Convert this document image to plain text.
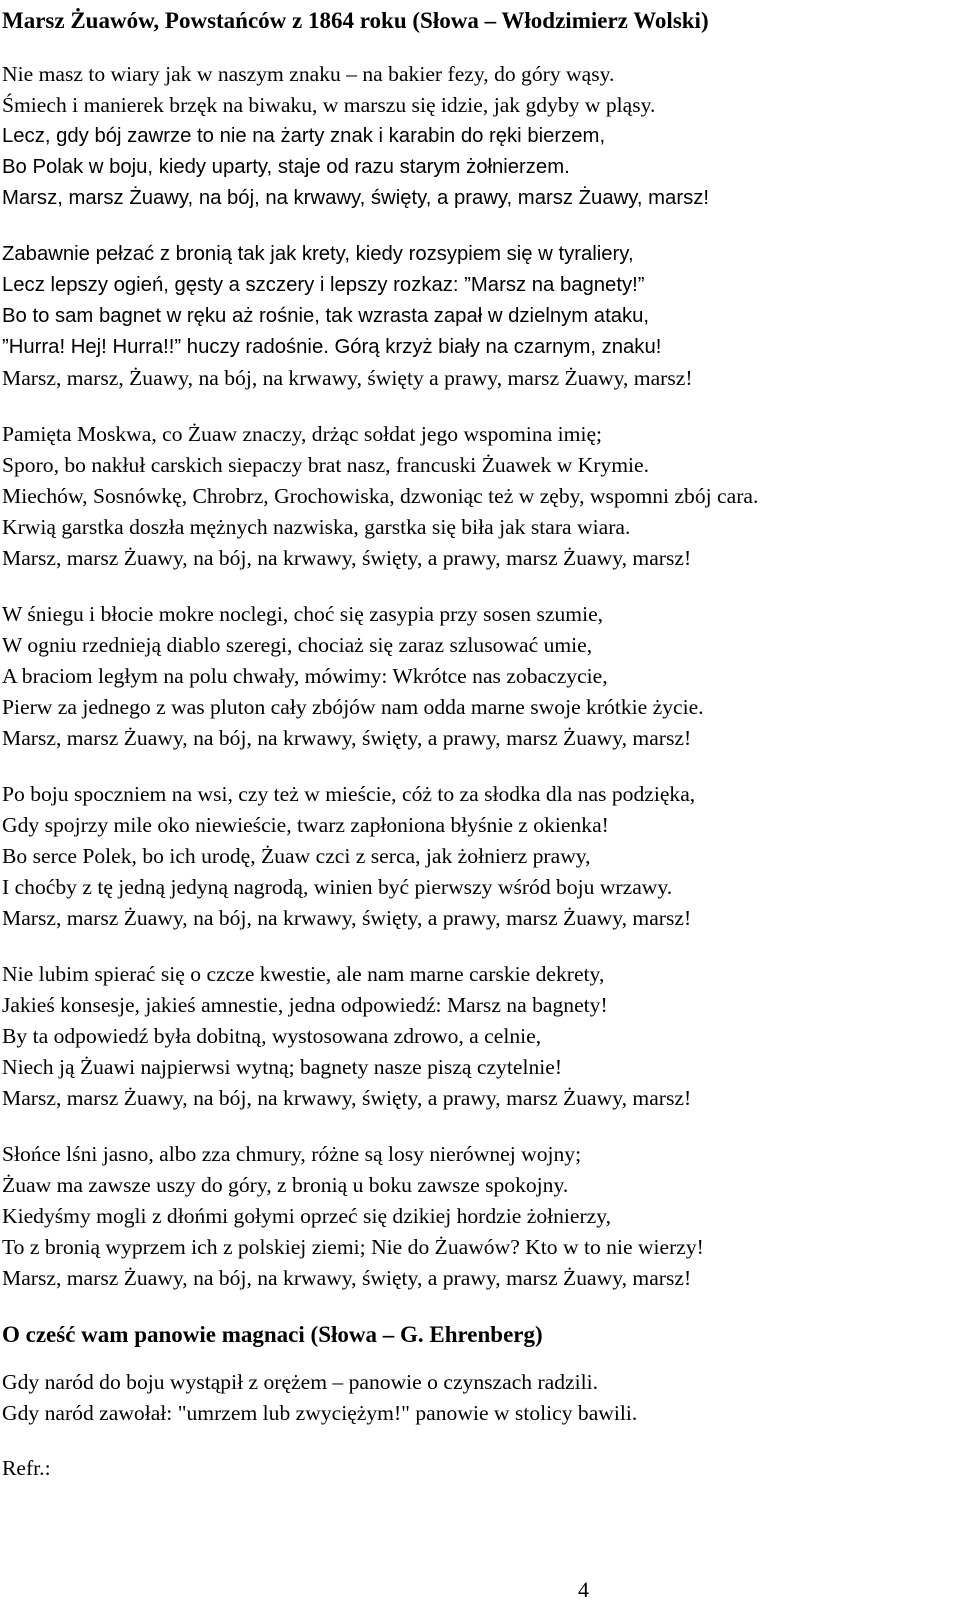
Marsz Żuawów, Powstańców z 1864 roku (Słowa – Włodzimierz Wolski)

Nie masz to wiary jak w naszym znaku – na bakier fezy, do góry wąsy.

Śmiech i manierek brzęk na biwaku, w marszu się idzie, jak gdyby w pląsy.

Lecz, gdy bój zawrze to nie na żarty znak i karabin do ręki bierzem,

Bo Polak w boju, kiedy uparty, staje od razu starym żołnierzem.

Marsz, marsz Żuawy, na bój, na krwawy, święty, a prawy, marsz Żuawy, marsz!

Zabawnie pełzać z bronią tak jak krety, kiedy rozsypiem się w tyraliery,

Lecz lepszy ogień, gęsty a szczery i lepszy rozkaz: ”Marsz na bagnety!”

Bo to sam bagnet w ręku aż rośnie, tak wzrasta zapał w dzielnym ataku,

”Hurra! Hej! Hurra!!” huczy radośnie. Górą krzyż biały na czarnym, znaku!

Marsz, marsz, Żuawy, na bój, na krwawy, święty a prawy, marsz Żuawy, marsz!

Pamięta Moskwa, co Żuaw znaczy, drżąc sołdat jego wspomina imię;

Sporo, bo nakłuł carskich siepaczy brat nasz, francuski Żuawek w Krymie.

Miechów, Sosnówkę, Chrobrz, Grochowiska, dzwoniąc też w zęby, wspomni zbój cara.

Krwią garstka doszła mężnych nazwiska, garstka się biła jak stara wiara.

Marsz, marsz Żuawy, na bój, na krwawy, święty, a prawy, marsz Żuawy, marsz!

W śniegu i błocie mokre noclegi, choć się zasypia przy sosen szumie,

W ogniu rzednieją diablo szeregi, chociaż się zaraz szlusować umie,

A braciom ległym na polu chwały, mówimy: Wkrótce nas zobaczycie,

Pierw za jednego z was pluton cały zbójów nam odda marne swoje krótkie życie.

Marsz, marsz Żuawy, na bój, na krwawy, święty, a prawy, marsz Żuawy, marsz!

Po boju spoczniem na wsi, czy też w mieście, cóż to za słodka dla nas podzięka,

Gdy spojrzy mile oko niewieście, twarz zapłoniona błyśnie z okienka!

Bo serce Polek, bo ich urodę, Żuaw czci z serca, jak żołnierz prawy,

I choćby z tę jedną jedyną nagrodą, winien być pierwszy wśród boju wrzawy.

Marsz, marsz Żuawy, na bój, na krwawy, święty, a prawy, marsz Żuawy, marsz!

Nie lubim spierać się o czcze kwestie, ale nam marne carskie dekrety,

Jakieś konsesje, jakieś amnestie, jedna odpowiedź: Marsz na bagnety!

By ta odpowiedź była dobitną, wystosowana zdrowo, a celnie,

Niech ją Żuawi najpierwsi wytną; bagnety nasze piszą czytelnie!

Marsz, marsz Żuawy, na bój, na krwawy, święty, a prawy, marsz Żuawy, marsz!

Słońce lśni jasno, albo zza chmury, różne są losy nierównej wojny;

Żuaw ma zawsze uszy do góry, z bronią u boku zawsze spokojny.

Kiedyśmy mogli z dłońmi gołymi oprzeć się dzikiej hordzie żołnierzy,

To z bronią wyprzem ich z polskiej ziemi; Nie do Żuawów? Kto w to nie wierzy!

Marsz, marsz Żuawy, na bój, na krwawy, święty, a prawy, marsz Żuawy, marsz!

O cześć wam panowie magnaci (Słowa – G. Ehrenberg)

Gdy naród do boju wystąpił z orężem – panowie o czynszach radzili.

Gdy naród zawołał: "umrzem lub zwyciężym!" panowie w stolicy bawili.

Refr.:

4
